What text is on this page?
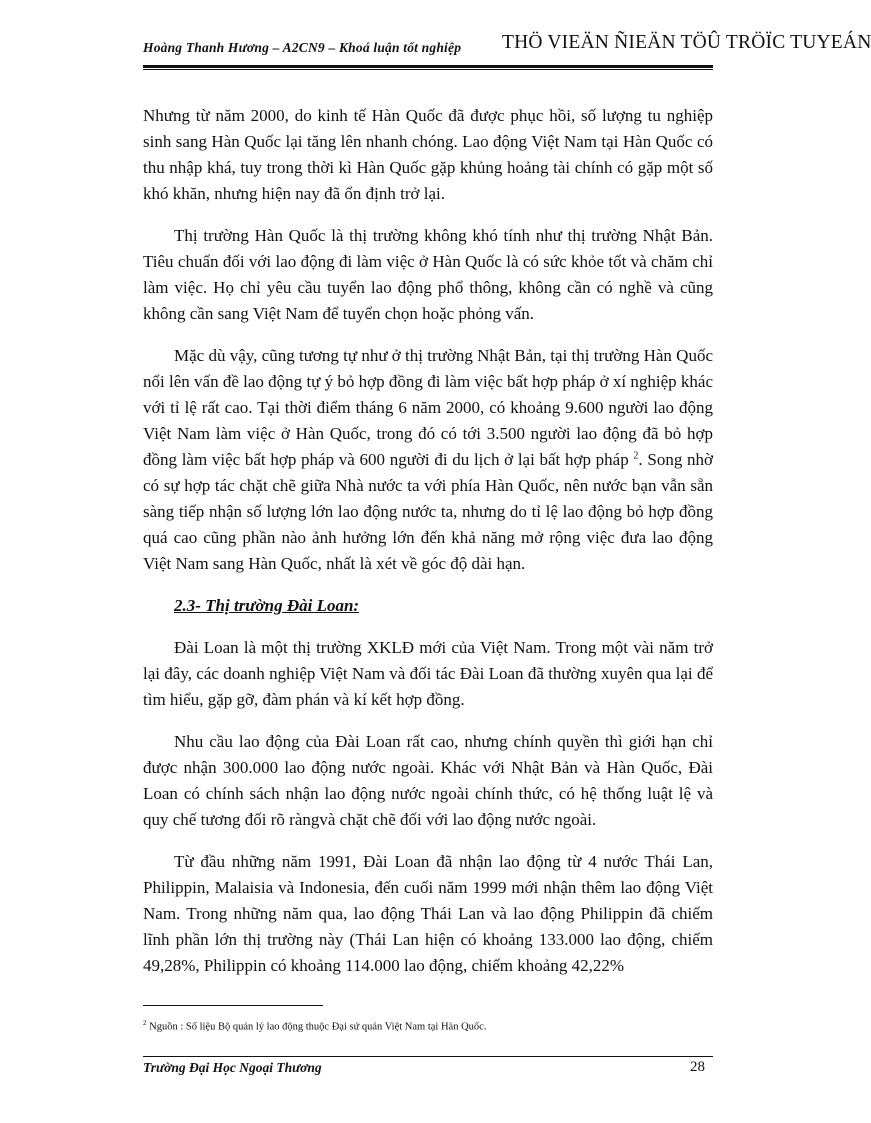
Hoàng Thanh Hương – A2CN9 – Khoá luận tốt nghiệp THÖ VIEÄN ÑIEÄN TÖÛ TRÖÏC TUYEÁN

Nhưng từ năm 2000, do kinh tế Hàn Quốc đã được phục hồi, số lượng tu nghiệp sinh sang Hàn Quốc lại tăng lên nhanh chóng. Lao động Việt Nam tại Hàn Quốc có thu nhập khá, tuy trong thời kì Hàn Quốc gặp khủng hoảng tài chính có gặp một số khó khăn, nhưng hiện nay đã ổn định trở lại.

Thị trường Hàn Quốc là thị trường không khó tính như thị trường Nhật Bản. Tiêu chuẩn đối với lao động đi làm việc ở Hàn Quốc là có sức khỏe tốt và chăm chỉ làm việc. Họ chỉ yêu cầu tuyển lao động phổ thông, không cần có nghề và cũng không cần sang Việt Nam để tuyển chọn hoặc phỏng vấn.

Mặc dù vậy, cũng tương tự như ở thị trường Nhật Bản, tại thị trường Hàn Quốc nổi lên vấn đề lao động tự ý bỏ hợp đồng đi làm việc bất hợp pháp ở xí nghiệp khác với tỉ lệ rất cao. Tại thời điểm tháng 6 năm 2000, có khoảng 9.600 người lao động Việt Nam làm việc ở Hàn Quốc, trong đó có tới 3.500 người lao động đã bỏ hợp đồng làm việc bất hợp pháp và 600 người đi du lịch ở lại bất hợp pháp $^2$. Song nhờ có sự hợp tác chặt chẽ giữa Nhà nước ta với phía Hàn Quốc, nên nước bạn vẫn sẵn sàng tiếp nhận số lượng lớn lao động nước ta, nhưng do tỉ lệ lao động bỏ hợp đồng quá cao cũng phần nào ảnh hưởng lớn đến khả năng mở rộng việc đưa lao động Việt Nam sang Hàn Quốc, nhất là xét về góc độ dài hạn.

2.3- Thị trường Đài Loan:

Đài Loan là một thị trường XKLĐ mới của Việt Nam. Trong một vài năm trở lại đây, các doanh nghiệp Việt Nam và đối tác Đài Loan đã thường xuyên qua lại để tìm hiểu, gặp gỡ, đàm phán và kí kết hợp đồng.

Nhu cầu lao động của Đài Loan rất cao, nhưng chính quyền thì giới hạn chỉ được nhận 300.000 lao động nước ngoài. Khác với Nhật Bản và Hàn Quốc, Đài Loan có chính sách nhận lao động nước ngoài chính thức, có hệ thống luật lệ và quy chế tương đối rõ ràngvà chặt chẽ đối với lao động nước ngoài.

Từ đầu những năm 1991, Đài Loan đã nhận lao động từ 4 nước Thái Lan, Philippin, Malaisia và Indonesia, đến cuối năm 1999 mới nhận thêm lao động Việt Nam. Trong những năm qua, lao động Thái Lan và lao động Philippin đã chiếm lĩnh phần lớn thị trường này (Thái Lan hiện có khoảng 133.000 lao động, chiếm 49,28%, Philippin có khoảng 114.000 lao động, chiếm khoảng 42,22%

$^2$ Nguồn : Số liệu Bộ quản lý lao động thuộc Đại sứ quán Việt Nam tại Hàn Quốc.
Trường Đại Học Ngoại Thương	28
